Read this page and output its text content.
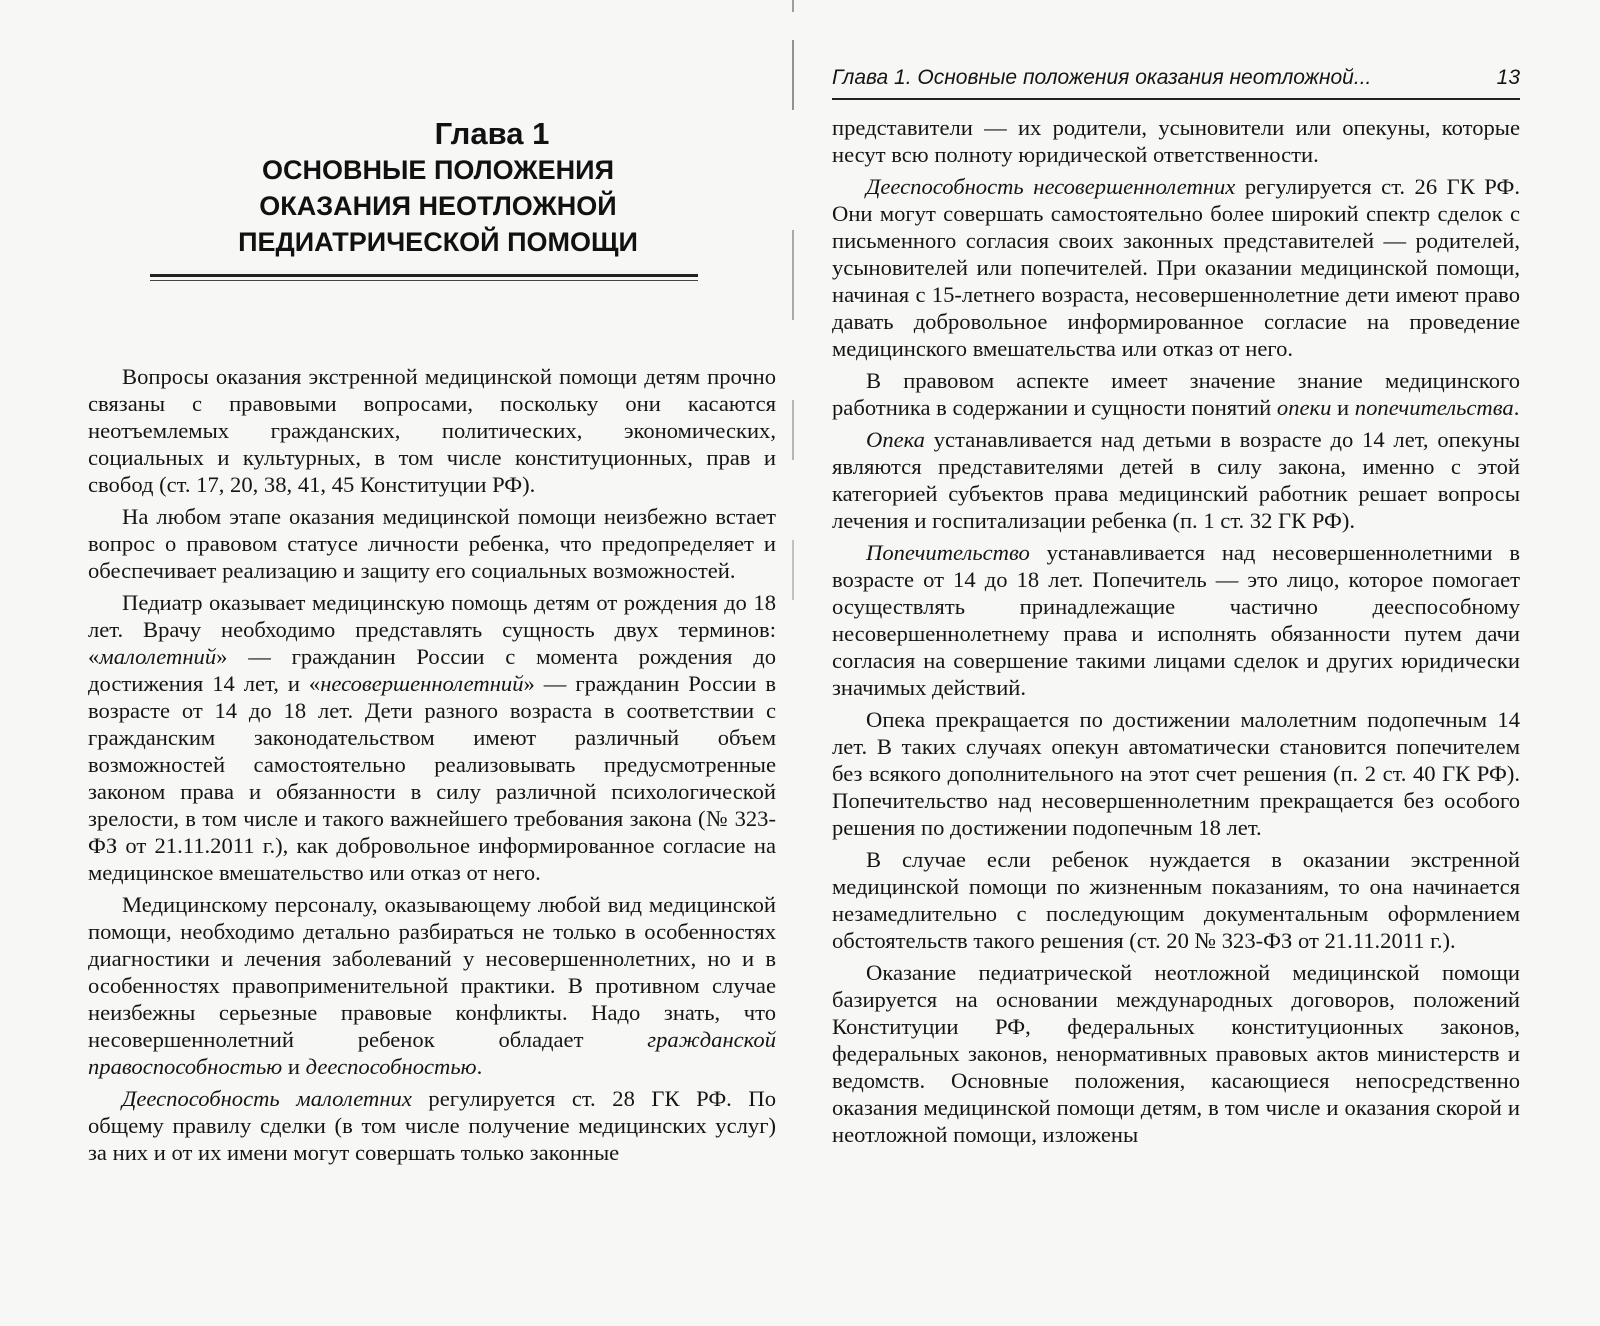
Глава 1
ОСНОВНЫЕ ПОЛОЖЕНИЯ
ОКАЗАНИЯ НЕОТЛОЖНОЙ
ПЕДИАТРИЧЕСКОЙ ПОМОЩИ

Вопросы оказания экстренной медицинской помощи детям прочно связаны с правовыми вопросами, поскольку они касаются неотъемлемых гражданских, политических, экономических, социальных и культурных, в том числе конституционных, прав и свобод (ст. 17, 20, 38, 41, 45 Конституции РФ).

На любом этапе оказания медицинской помощи неизбежно встает вопрос о правовом статусе личности ребенка, что предопределяет и обеспечивает реализацию и защиту его социальных возможностей.

Педиатр оказывает медицинскую помощь детям от рождения до 18 лет. Врачу необходимо представлять сущность двух терминов: «малолетний» — гражданин России с момента рождения до достижения 14 лет, и «несовершеннолетний» — гражданин России в возрасте от 14 до 18 лет. Дети разного возраста в соответствии с гражданским законодательством имеют различный объем возможностей самостоятельно реализовывать предусмотренные законом права и обязанности в силу различной психологической зрелости, в том числе и такого важнейшего требования закона (№ 323-ФЗ от 21.11.2011 г.), как добровольное информированное согласие на медицинское вмешательство или отказ от него.

Медицинскому персоналу, оказывающему любой вид медицинской помощи, необходимо детально разбираться не только в особенностях диагностики и лечения заболеваний у несовершеннолетних, но и в особенностях правоприменительной практики. В противном случае неизбежны серьезные правовые конфликты. Надо знать, что несовершеннолетний ребенок обладает гражданской правоспособностью и дееспособностью.

Дееспособность малолетних регулируется ст. 28 ГК РФ. По общему правилу сделки (в том числе получение медицинских услуг) за них и от их имени могут совершать только законные

Глава 1. Основные положения оказания неотложной...	13

представители — их родители, усыновители или опекуны, которые несут всю полноту юридической ответственности.

Дееспособность несовершеннолетних регулируется ст. 26 ГК РФ. Они могут совершать самостоятельно более широкий спектр сделок с письменного согласия своих законных представителей — родителей, усыновителей или попечителей. При оказании медицинской помощи, начиная с 15-летнего возраста, несовершеннолетние дети имеют право давать добровольное информированное согласие на проведение медицинского вмешательства или отказ от него.

В правовом аспекте имеет значение знание медицинского работника в содержании и сущности понятий опеки и попечительства.

Опека устанавливается над детьми в возрасте до 14 лет, опекуны являются представителями детей в силу закона, именно с этой категорией субъектов права медицинский работник решает вопросы лечения и госпитализации ребенка (п. 1 ст. 32 ГК РФ).

Попечительство устанавливается над несовершеннолетними в возрасте от 14 до 18 лет. Попечитель — это лицо, которое помогает осуществлять принадлежащие частично дееспособному несовершеннолетнему права и исполнять обязанности путем дачи согласия на совершение такими лицами сделок и других юридически значимых действий.

Опека прекращается по достижении малолетним подопечным 14 лет. В таких случаях опекун автоматически становится попечителем без всякого дополнительного на этот счет решения (п. 2 ст. 40 ГК РФ). Попечительство над несовершеннолетним прекращается без особого решения по достижении подопечным 18 лет.

В случае если ребенок нуждается в оказании экстренной медицинской помощи по жизненным показаниям, то она начинается незамедлительно с последующим документальным оформлением обстоятельств такого решения (ст. 20 № 323-ФЗ от 21.11.2011 г.).

Оказание педиатрической неотложной медицинской помощи базируется на основании международных договоров, положений Конституции РФ, федеральных конституционных законов, федеральных законов, ненормативных правовых актов министерств и ведомств. Основные положения, касающиеся непосредственно оказания медицинской помощи детям, в том числе и оказания скорой и неотложной помощи, изложены
